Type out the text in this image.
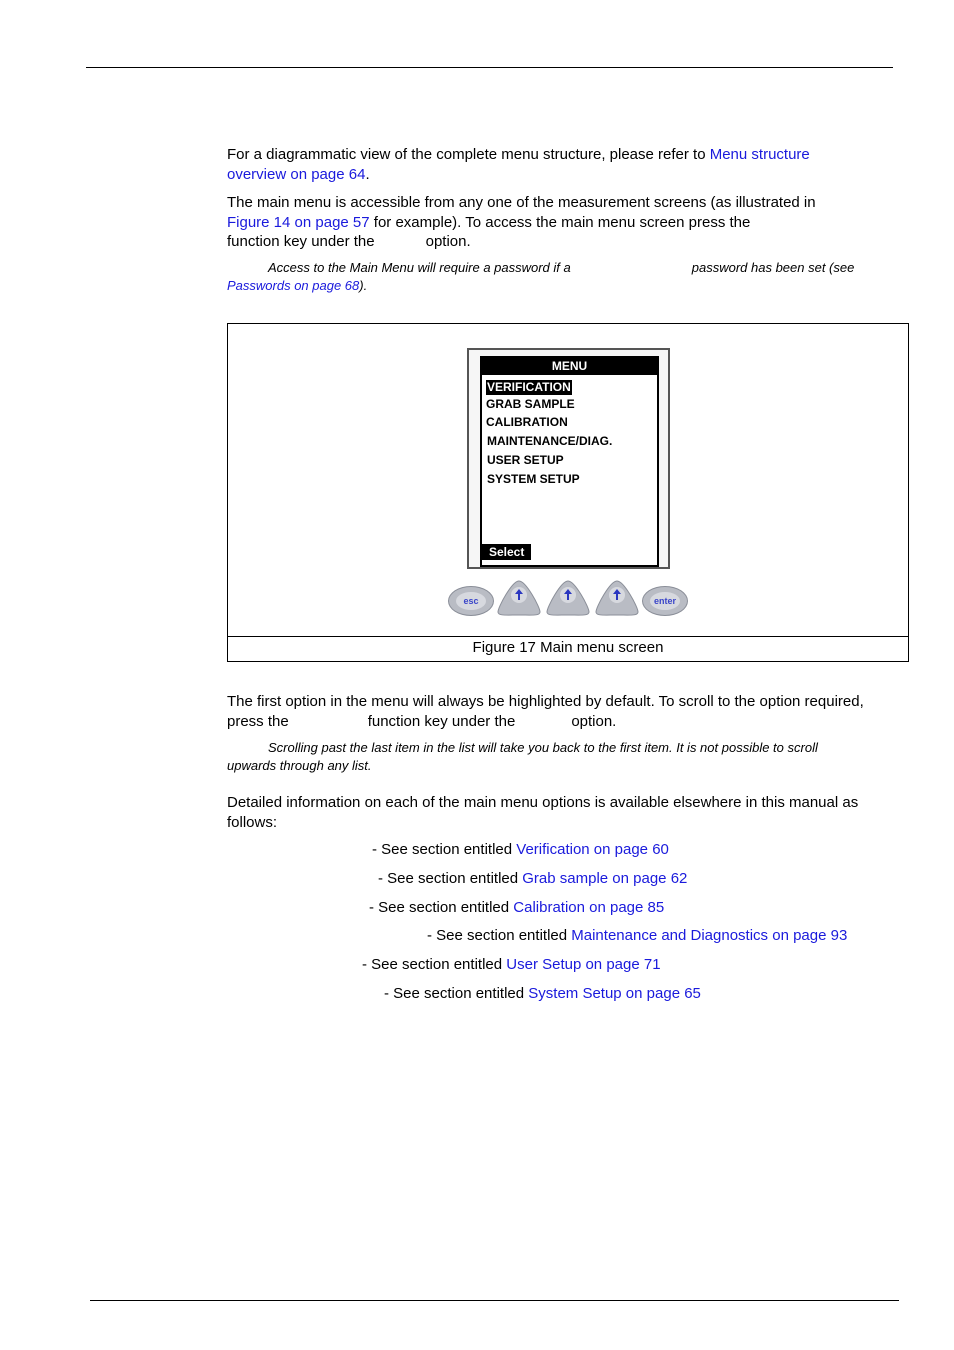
For a diagrammatic view of the complete menu structure, please refer to Menu structure overview on page 64.
The main menu is accessible from any one of the measurement screens (as illustrated in
Figure 14 on page 57 for example). To access the main menu screen press the
function key under the	option.
Access to the Main Menu will require a password if a	password has been set (see
Passwords on page 68).
MENU
VERIFICATION
GRAB SAMPLE
CALIBRATION
MAINTENANCE/DIAG.
USER SETUP
SYSTEM SETUP
Select
esc	enter
Figure 17 Main menu screen
The first option in the menu will always be highlighted by default. To scroll to the option required,
press the	function key under the	option.
Scrolling past the last item in the list will take you back to the first item. It is not possible to scroll
upwards through any list.
Detailed information on each of the main menu options is available elsewhere in this manual as
follows:
- See section entitled Verification on page 60
- See section entitled Grab sample on page 62
- See section entitled Calibration on page 85
- See section entitled Maintenance and Diagnostics on page 93
- See section entitled User Setup on page 71
- See section entitled System Setup on page 65
